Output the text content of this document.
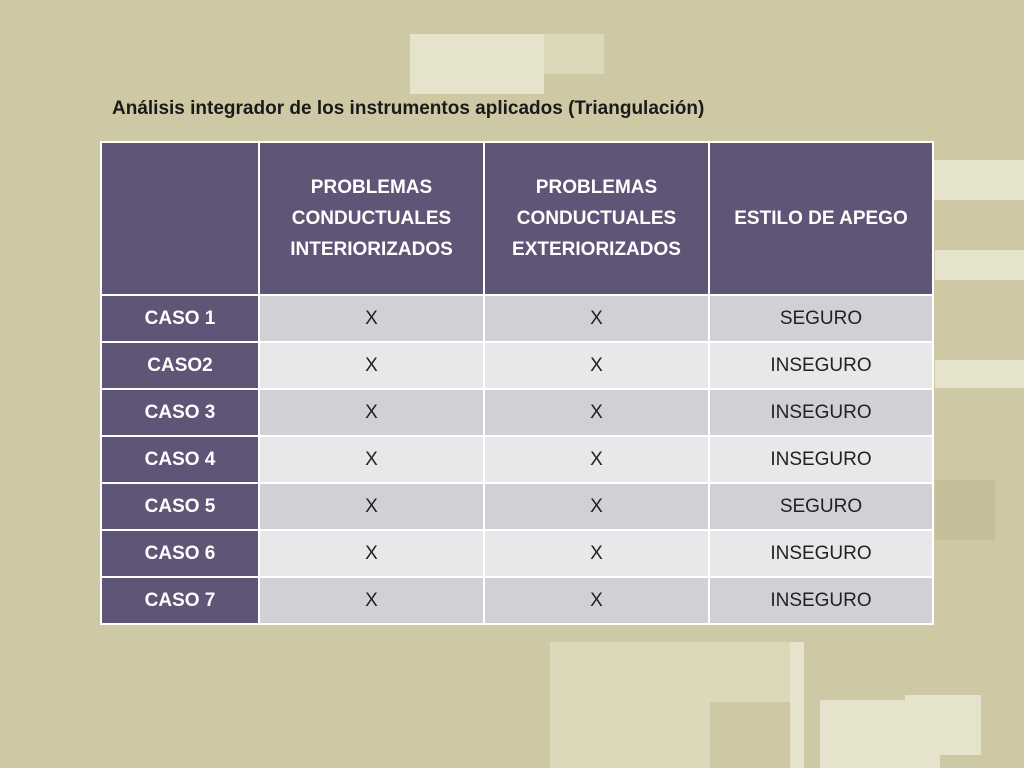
Análisis integrador de los instrumentos aplicados (Triangulación)
	PROBLEMAS CONDUCTUALES INTERIORIZADOS	PROBLEMAS CONDUCTUALES EXTERIORIZADOS	ESTILO DE APEGO
CASO 1	X	X	SEGURO
CASO2	X	X	INSEGURO
CASO 3	X	X	INSEGURO
CASO 4	X	X	INSEGURO
CASO 5	X	X	SEGURO
CASO 6	X	X	INSEGURO
CASO 7	X	X	INSEGURO
